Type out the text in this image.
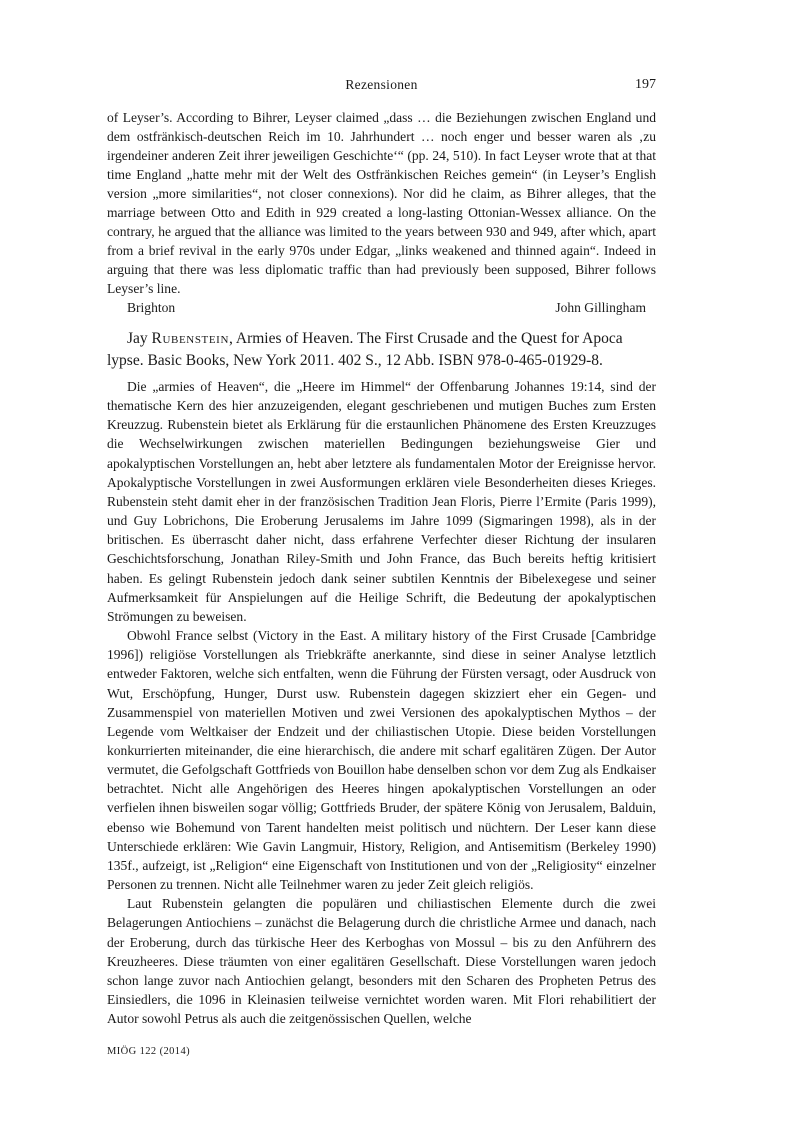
Rezensionen	197

of Leyser’s. According to Bihrer, Leyser claimed „dass … die Beziehungen zwischen England und dem ostfränkisch-deutschen Reich im 10. Jahrhundert … noch enger und besser waren als ‚zu irgendeiner anderen Zeit ihrer jeweiligen Geschichte‘“ (pp. 24, 510). In fact Leyser wrote that at that time England „hatte mehr mit der Welt des Ostfränkischen Reiches gemein“ (in Leyser’s English version „more similarities“, not closer connexions). Nor did he claim, as Bihrer alleges, that the marriage between Otto and Edith in 929 created a long-lasting Ottonian-Wessex alliance. On the contrary, he argued that the alliance was limited to the years between 930 and 949, after which, apart from a brief revival in the early 970s under Edgar, „links weakened and thinned again“. Indeed in arguing that there was less diplomatic traffic than had previously been supposed, Bihrer follows Leyser’s line.

Brighton	John Gillingham
Jay Rubenstein, Armies of Heaven. The First Crusade and the Quest for Apoca
lypse. Basic Books, New York 2011. 402 S., 12 Abb. ISBN 978-0-465-01929-8.

Die „armies of Heaven“, die „Heere im Himmel“ der Offenbarung Johannes 19:14, sind der thematische Kern des hier anzuzeigenden, elegant geschriebenen und mutigen Buches zum Ersten Kreuzzug. Rubenstein bietet als Erklärung für die erstaunlichen Phänomene des Ersten Kreuzzuges die Wechselwirkungen zwischen materiellen Bedingungen beziehungsweise Gier und apokalyptischen Vorstellungen an, hebt aber letztere als fundamentalen Motor der Ereignisse hervor. Apokalyptische Vorstellungen in zwei Ausformungen erklären viele Besonderheiten dieses Krieges. Rubenstein steht damit eher in der französischen Tradition Jean Floris, Pierre l’Ermite (Paris 1999), und Guy Lobrichons, Die Eroberung Jerusalems im Jahre 1099 (Sigmaringen 1998), als in der britischen. Es überrascht daher nicht, dass erfahrene Verfechter dieser Richtung der insularen Geschichtsforschung, Jonathan Riley-Smith und John France, das Buch bereits heftig kritisiert haben. Es gelingt Rubenstein jedoch dank seiner subtilen Kenntnis der Bibelexegese und seiner Aufmerksamkeit für Anspielungen auf die Heilige Schrift, die Bedeutung der apokalyptischen Strömungen zu beweisen.

Obwohl France selbst (Victory in the East. A military history of the First Crusade [Cambridge 1996]) religiöse Vorstellungen als Triebkräfte anerkannte, sind diese in seiner Analyse letztlich entweder Faktoren, welche sich entfalten, wenn die Führung der Fürsten versagt, oder Ausdruck von Wut, Erschöpfung, Hunger, Durst usw. Rubenstein dagegen skizziert eher ein Gegen- und Zusammenspiel von materiellen Motiven und zwei Versionen des apokalyptischen Mythos – der Legende vom Weltkaiser der Endzeit und der chiliastischen Utopie. Diese beiden Vorstellungen konkurrierten miteinander, die eine hierarchisch, die andere mit scharf egalitären Zügen. Der Autor vermutet, die Gefolgschaft Gottfrieds von Bouillon habe denselben schon vor dem Zug als Endkaiser betrachtet. Nicht alle Angehörigen des Heeres hingen apokalyptischen Vorstellungen an oder verfielen ihnen bisweilen sogar völlig; Gottfrieds Bruder, der spätere König von Jerusalem, Balduin, ebenso wie Bohemund von Tarent handelten meist politisch und nüchtern. Der Leser kann diese Unterschiede erklären: Wie Gavin Langmuir, History, Religion, and Antisemitism (Berkeley 1990) 135f., aufzeigt, ist „Religion“ eine Eigenschaft von Institutionen und von der „Religiosity“ einzelner Personen zu trennen. Nicht alle Teilnehmer waren zu jeder Zeit gleich religiös.

Laut Rubenstein gelangten die populären und chiliastischen Elemente durch die zwei Belagerungen Antiochiens – zunächst die Belagerung durch die christliche Armee und danach, nach der Eroberung, durch das türkische Heer des Kerboghas von Mossul – bis zu den Anführern des Kreuzheeres. Diese träumten von einer egalitären Gesellschaft. Diese Vorstellungen waren jedoch schon lange zuvor nach Antiochien gelangt, besonders mit den Scharen des Propheten Petrus des Einsiedlers, die 1096 in Kleinasien teilweise vernichtet worden waren. Mit Flori rehabilitiert der Autor sowohl Petrus als auch die zeitgenössischen Quellen, welche

MIÖG 122 (2014)
